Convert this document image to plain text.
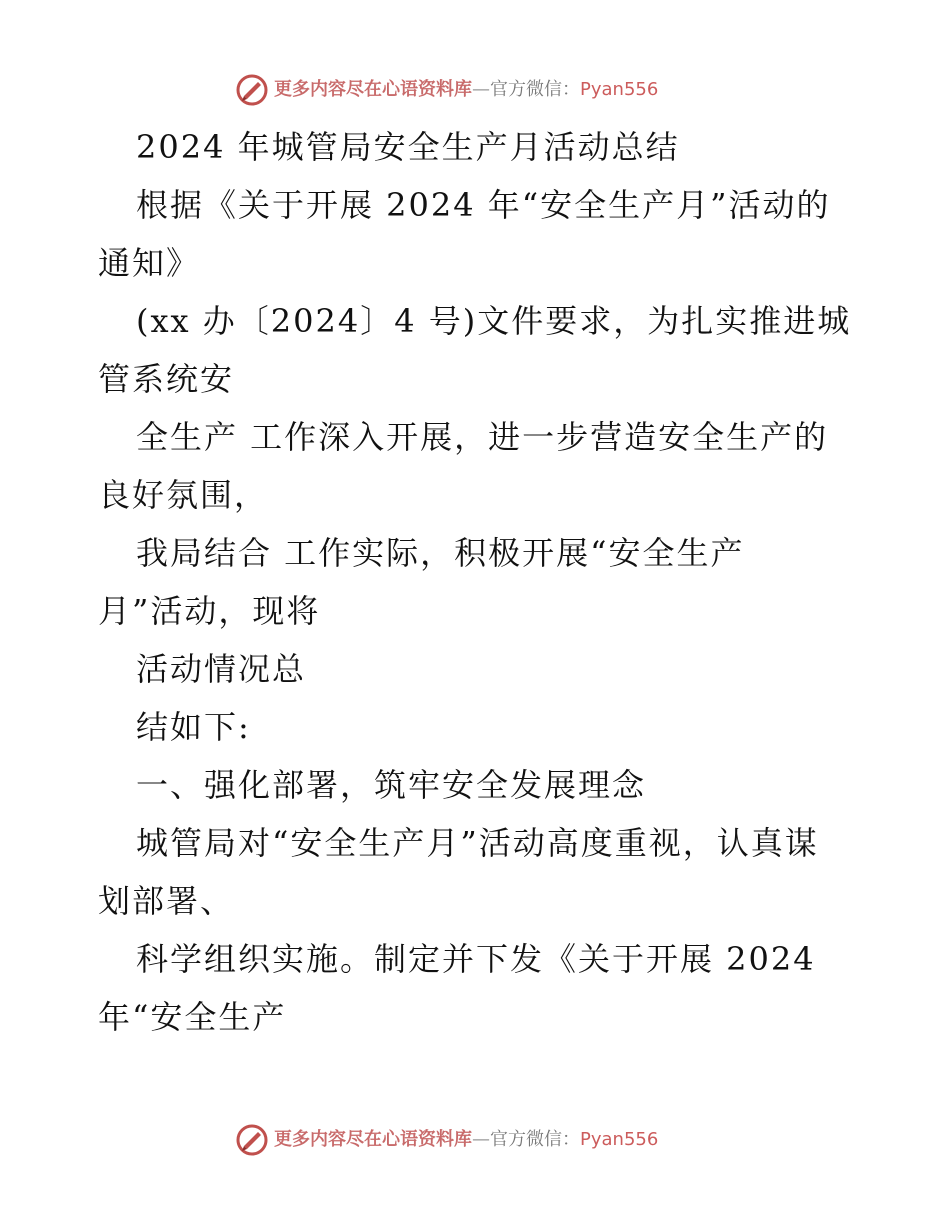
更多内容尽在心语资料库—官方微信：Pyan556
2024 年城管局安全生产月活动总结
根据《关于开展 2024 年“安全生产月”活动的
通知》
(xx 办〔2024〕4 号)文件要求，为扎实推进城
管系统安
全生产 工作深入开展，进一步营造安全生产的
良好氛围，
我局结合 工作实际，积极开展“安全生产
月”活动，现将
活动情况总
结如下:
一、强化部署，筑牢安全发展理念
城管局对“安全生产月”活动高度重视，认真谋
划部署、
科学组织实施。制定并下发《关于开展 2024
年“安全生产
更多内容尽在心语资料库—官方微信：Pyan556
